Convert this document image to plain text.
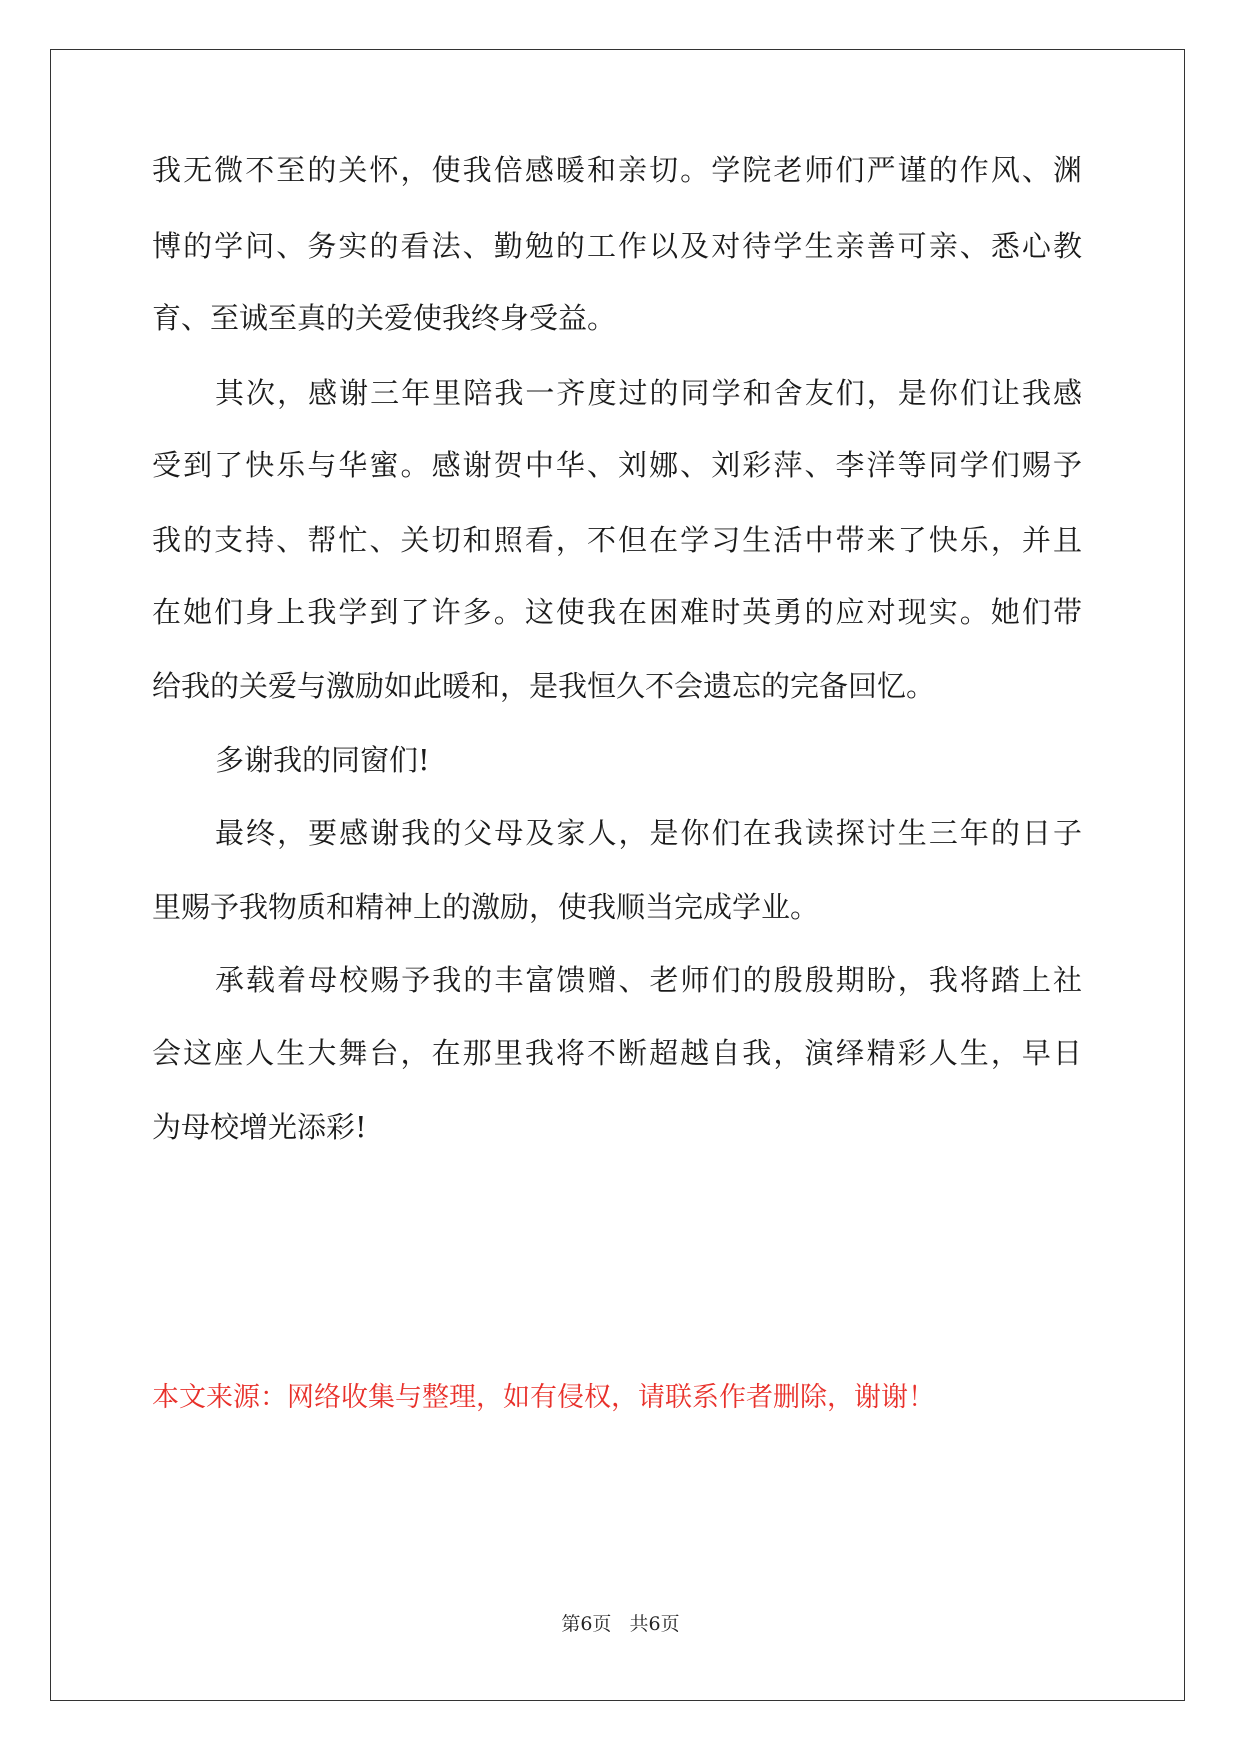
我无微不至的关怀，使我倍感暖和亲切。学院老师们严谨的作风、渊
博的学问、务实的看法、勤勉的工作以及对待学生亲善可亲、悉心教
育、至诚至真的关爱使我终身受益。
其次，感谢三年里陪我一齐度过的同学和舍友们，是你们让我感
受到了快乐与华蜜。感谢贺中华、刘娜、刘彩萍、李洋等同学们赐予
我的支持、帮忙、关切和照看，不但在学习生活中带来了快乐，并且
在她们身上我学到了许多。这使我在困难时英勇的应对现实。她们带
给我的关爱与激励如此暖和，是我恒久不会遗忘的完备回忆。
多谢我的同窗们!
最终，要感谢我的父母及家人，是你们在我读探讨生三年的日子
里赐予我物质和精神上的激励，使我顺当完成学业。
承载着母校赐予我的丰富馈赠、老师们的殷殷期盼，我将踏上社
会这座人生大舞台，在那里我将不断超越自我，演绎精彩人生，早日
为母校增光添彩!
本文来源：网络收集与整理，如有侵权，请联系作者删除，谢谢！
第6页   共6页
